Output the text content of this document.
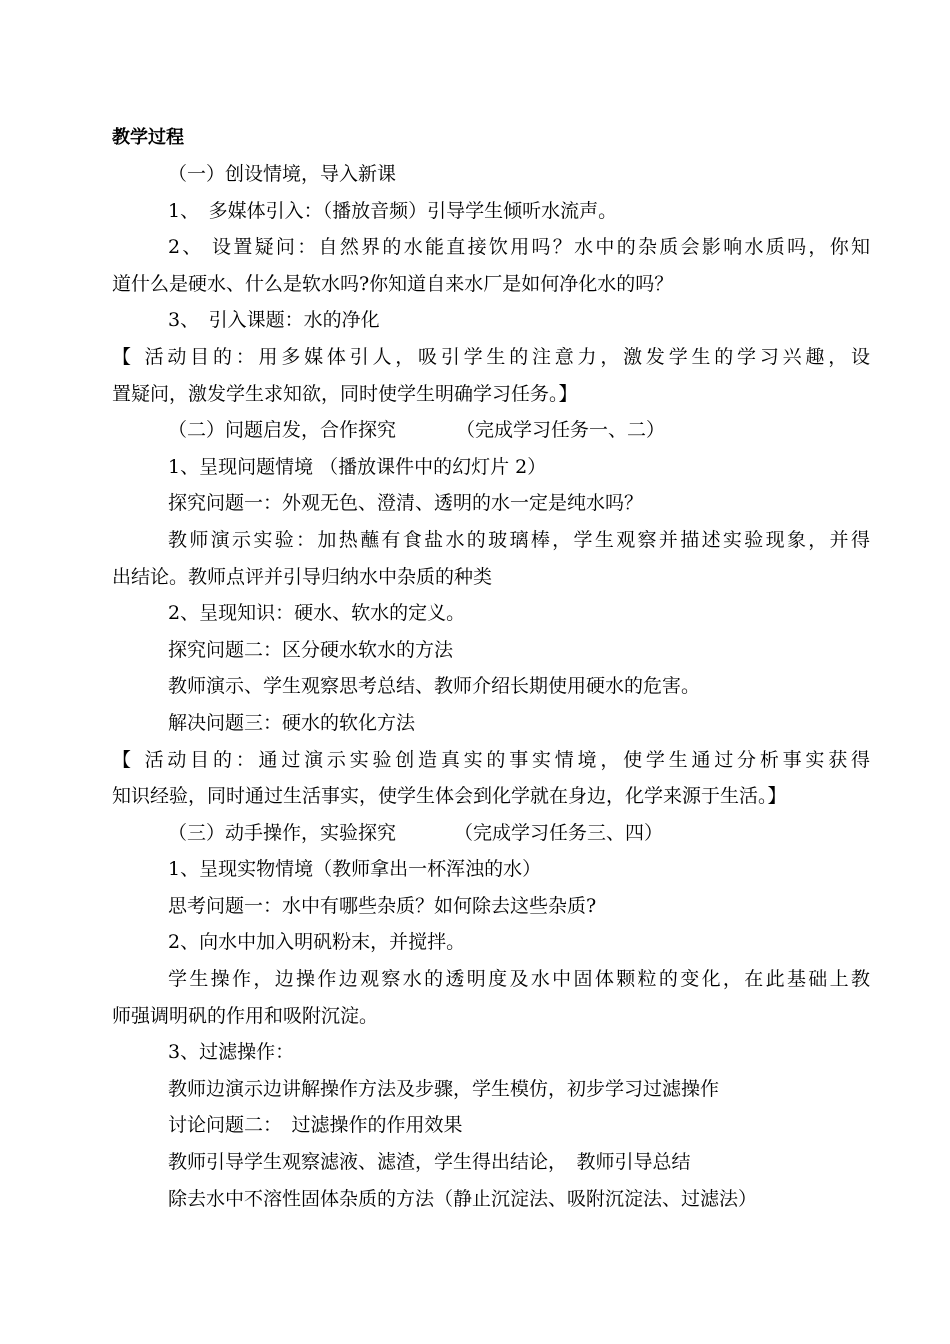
教学过程

（一）创设情境，导入新课

1、　多媒体引入：（播放音频）引导学生倾听水流声。

2、 设置疑问：自然界的水能直接饮用吗？水中的杂质会影响水质吗，你知

道什么是硬水、什么是软水吗?你知道自来水厂是如何净化水的吗？

3、　引入课题：水的净化

【 活动目的：用多媒体引人，吸引学生的注意力，激发学生的学习兴趣，设

置疑问，激发学生求知欲，同时使学生明确学习任务。】

（二）问题启发，合作探究	（完成学习任务一、二）

1、呈现问题情境 （播放课件中的幻灯片 2）

探究问题一：外观无色、澄清、透明的水一定是纯水吗？

教师演示实验：加热蘸有食盐水的玻璃棒，学生观察并描述实验现象，并得

出结论。教师点评并引导归纳水中杂质的种类

2、呈现知识：硬水、软水的定义。

探究问题二：区分硬水软水的方法

教师演示、学生观察思考总结、教师介绍长期使用硬水的危害。

解决问题三：硬水的软化方法

【 活动目的：通过演示实验创造真实的事实情境，使学生通过分析事实获得

知识经验，同时通过生活事实，使学生体会到化学就在身边，化学来源于生活。】

（三）动手操作，实验探究	（完成学习任务三、四）

1、呈现实物情境（教师拿出一杯浑浊的水）

思考问题一：水中有哪些杂质？如何除去这些杂质?

2、向水中加入明矾粉末，并搅拌。

学生操作，边操作边观察水的透明度及水中固体颗粒的变化，在此基础上教

师强调明矾的作用和吸附沉淀。

3、过滤操作：

教师边演示边讲解操作方法及步骤，学生模仿，初步学习过滤操作

讨论问题二：　过滤操作的作用效果

教师引导学生观察滤液、滤渣，学生得出结论，　教师引导总结

除去水中不溶性固体杂质的方法（静止沉淀法、吸附沉淀法、过滤法）
